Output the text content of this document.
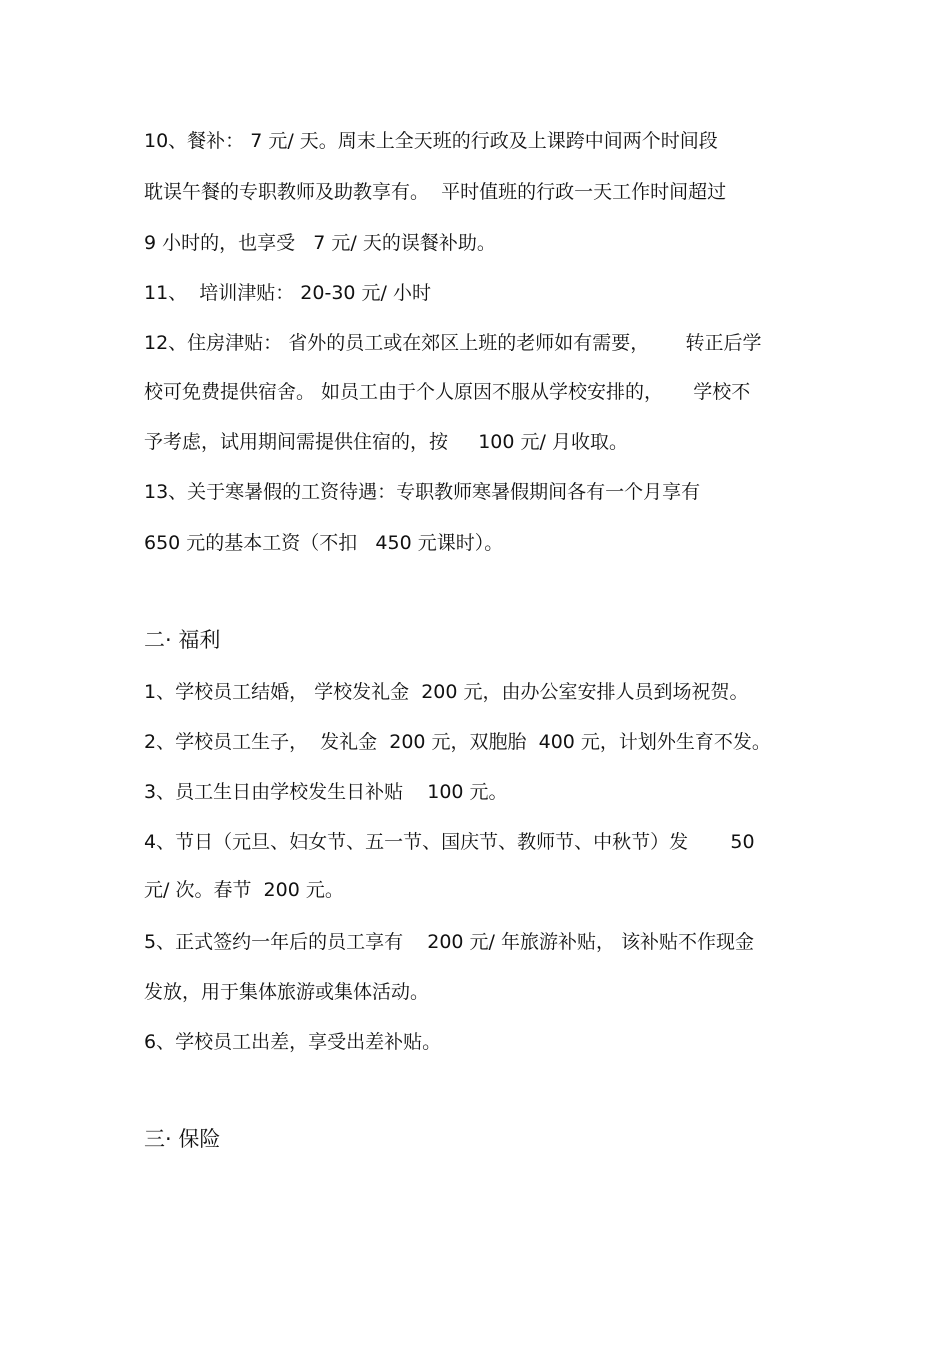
10、餐补： 7 元/ 天。周末上全天班的行政及上课跨中间两个时间段

耽误午餐的专职教师及助教享有。  平时值班的行政一天工作时间超过

9 小时的，也享受   7 元/ 天的误餐补助。

11、  培训津贴： 20-30 元/ 小时

12、住房津贴： 省外的员工或在郊区上班的老师如有需要，      转正后学

校可免费提供宿舍。 如员工由于个人原因不服从学校安排的，     学校不

予考虑，试用期间需提供住宿的，按     100 元/ 月收取。

13、关于寒暑假的工资待遇：专职教师寒暑假期间各有一个月享有

650 元的基本工资（不扣   450 元课时）。

二· 福利

1、学校员工结婚， 学校发礼金  200 元，由办公室安排人员到场祝贺。

2、学校员工生子，  发礼金  200 元，双胞胎  400 元，计划外生育不发。

3、员工生日由学校发生日补贴    100 元。

4、节日（元旦、妇女节、五一节、国庆节、教师节、中秋节）发       50

元/ 次。春节  200 元。

5、正式签约一年后的员工享有    200 元/ 年旅游补贴， 该补贴不作现金

发放，用于集体旅游或集体活动。

6、学校员工出差，享受出差补贴。

三· 保险
